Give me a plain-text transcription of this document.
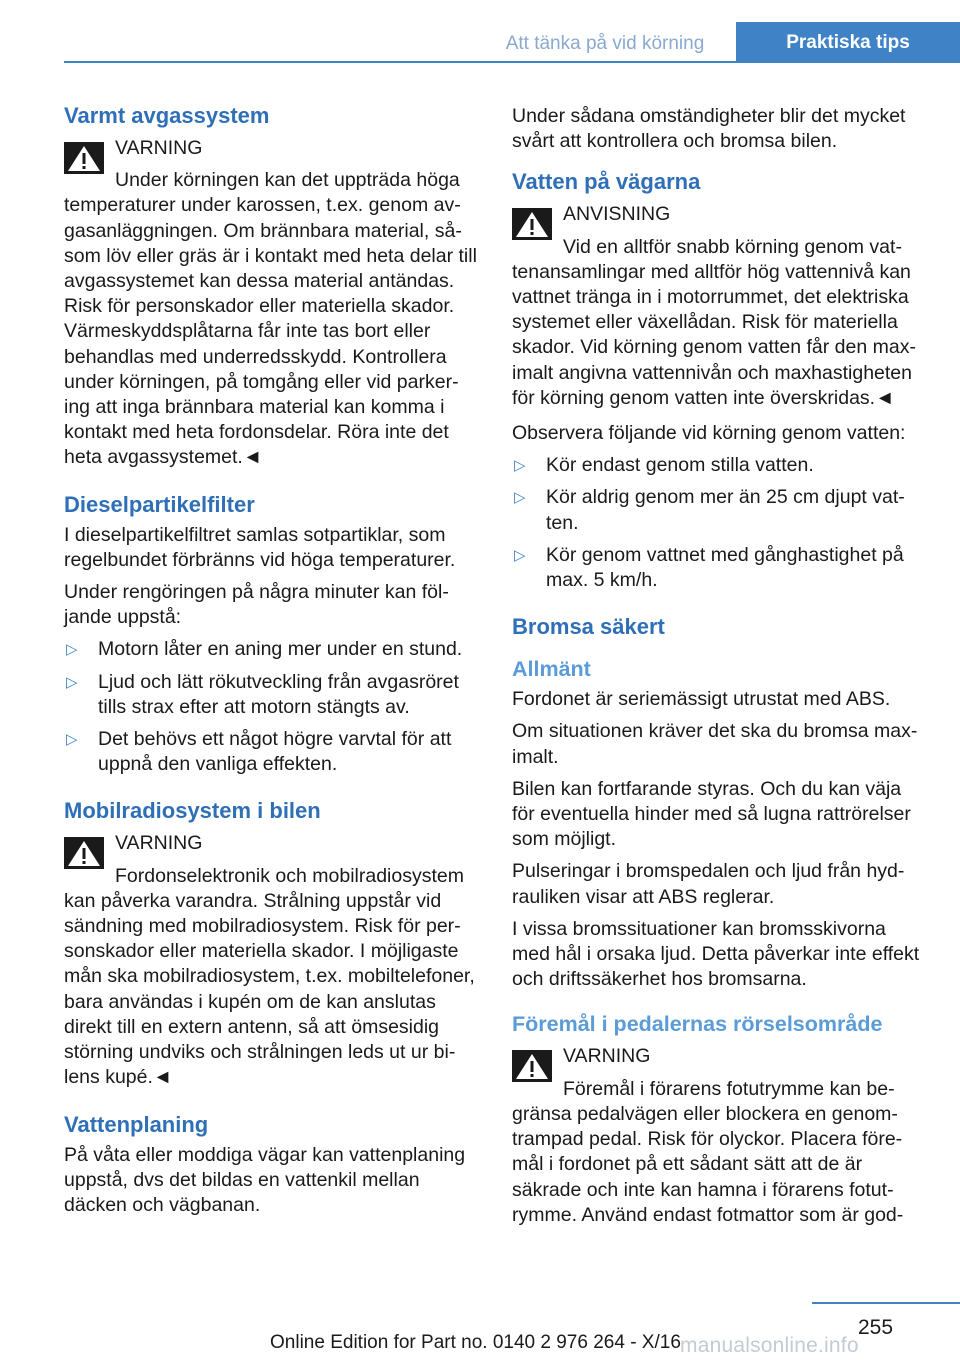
Att tänka på vid körning	Praktiska tips
Varmt avgassystem
VARNING
Under körningen kan det uppträda höga temperaturer under karossen, t.ex. genom avgasanläggningen. Om brännbara material, såsom löv eller gräs är i kontakt med heta delar till avgassystemet kan dessa material antändas. Risk för personskador eller materiella skador. Värmeskyddsplåtarna får inte tas bort eller behandlas med underredsskydd. Kontrollera under körningen, på tomgång eller vid parkering att inga brännbara material kan komma i kontakt med heta fordonsdelar. Röra inte det heta avgassystemet.◄
Dieselpartikelfilter

I dieselpartikelfiltret samlas sotpartiklar, som regelbundet förbränns vid höga temperaturer.

Under rengöringen på några minuter kan följande uppstå:

▷ Motorn låter en aning mer under en stund.
▷ Ljud och lätt rökutveckling från avgasröret tills strax efter att motorn stängts av.
▷ Det behövs ett något högre varvtal för att uppnå den vanliga effekten.
Mobilradiosystem i bilen
VARNING
Fordonselektronik och mobilradiosystem kan påverka varandra. Strålning uppstår vid sändning med mobilradiosystem. Risk för personskador eller materiella skador. I möjligaste mån ska mobilradiosystem, t.ex. mobiltelefoner, bara användas i kupén om de kan anslutas direkt till en extern antenn, så att ömsesidig störning undviks och strålningen leds ut ur bilens kupé.◄
Vattenplaning

På våta eller moddiga vägar kan vattenplaning uppstå, dvs det bildas en vattenkil mellan däcken och vägbanan.

Under sådana omständigheter blir det mycket svårt att kontrollera och bromsa bilen.

Vatten på vägarna
ANVISNING
Vid en alltför snabb körning genom vattenansamlingar med alltför hög vattennivå kan vattnet tränga in i motorrummet, det elektriska systemet eller växellådan. Risk för materiella skador. Vid körning genom vatten får den maximalt angivna vattennivån och maxhastigheten för körning genom vatten inte överskridas.◄

Observera följande vid körning genom vatten:

▷ Kör endast genom stilla vatten.
▷ Kör aldrig genom mer än 25 cm djupt vatten.
▷ Kör genom vattnet med gånghastighet på max. 5 km/h.
Bromsa säkert
Allmänt

Fordonet är seriemässigt utrustat med ABS.

Om situationen kräver det ska du bromsa maximalt.

Bilen kan fortfarande styras. Och du kan väja för eventuella hinder med så lugna rattrörelser som möjligt.

Pulseringar i bromspedalen och ljud från hydrauliken visar att ABS reglerar.

I vissa bromssituationer kan bromsskivorna med hål i orsaka ljud. Detta påverkar inte effekt och driftssäkerhet hos bromsarna.

Föremål i pedalernas rörselsområde
VARNING
Föremål i förarens fotutrymme kan begränsa pedalvägen eller blockera en genomtrampad pedal. Risk för olyckor. Placera föremål i fordonet på ett sådant sätt att de är säkrade och inte kan hamna i förarens fotutrymme. Använd endast fotmattor som är god-
255
Online Edition for Part no. 0140 2 976 264 - X/16 manualsonline.info
